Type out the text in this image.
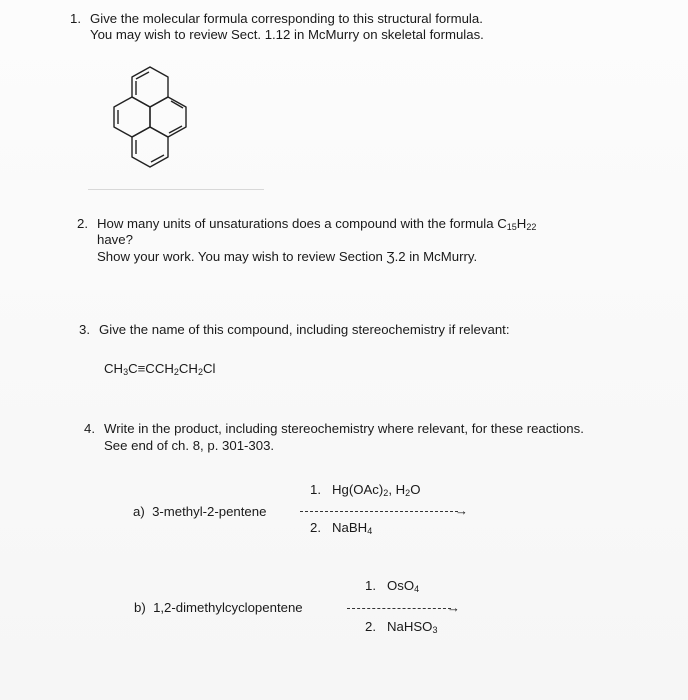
1. Give the molecular formula corresponding to this structural formula.
You may wish to review Sect. 1.12 in McMurry on skeletal formulas.
2. How many units of unsaturations does a compound with the formula $C_{15}H_{22}$
have?
Show your work. You may wish to review Section Ʒ.2 in McMurry.
3. Give the name of this compound, including stereochemistry if relevant:
$CH_3C\equiv CCH_2CH_2Cl$
4. Write in the product, including stereochemistry where relevant, for these reactions.
See end of ch. 8, p. 301-303.
1. $Hg(OAc)_2$, $H_2O$
a) 3-methyl-2-pentene	→
2. NaBH$_4$
1. OsO$_4$
b) 1,2-dimethylcyclopentene	→
2. NaHSO$_3$
